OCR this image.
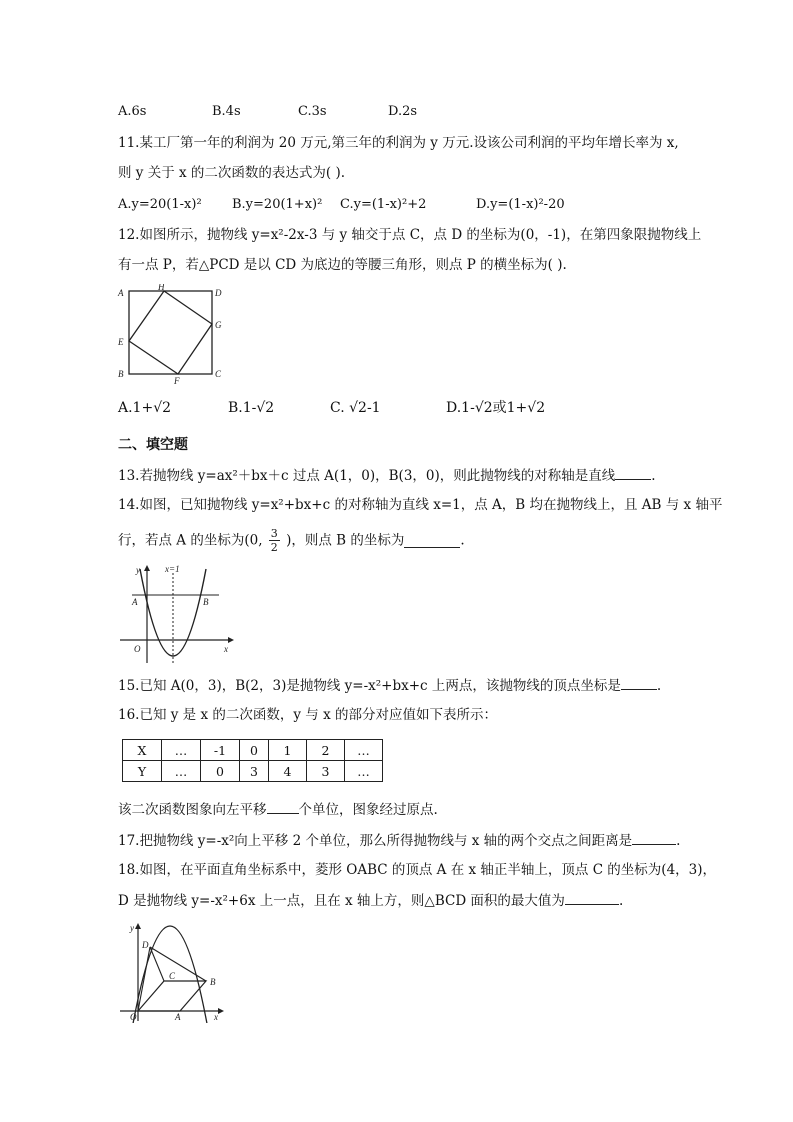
A.6s	B.4s	C.3s	D.2s
11.某工厂第一年的利润为 20 万元,第三年的利润为 y 万元.设该公司利润的平均年增长率为 x,
则 y 关于 x 的二次函数的表达式为( ).
A.y=20(1-x)² B.y=20(1+x)² C.y=(1-x)²+2	D.y=(1-x)²-20
12.如图所示，抛物线 y=x²-2x-3 与 y 轴交于点 C，点 D 的坐标为(0，-1)，在第四象限抛物线上
有一点 P，若△PCD 是以 CD 为底边的等腰三角形，则点 P 的横坐标为( ).
A
H
D
E
G
B
F
C
A.1+√2	B.1-√2	C. √2-1	D.1-√2或1+√2
二、填空题
13.若抛物线 y=ax²＋bx＋c 过点 A(1，0)，B(3，0)，则此抛物线的对称轴是直线	.
14.如图，已知抛物线 y=x²+bx+c 的对称轴为直线 x=1，点 A，B 均在抛物线上，且 AB 与 x 轴平
行，若点 A 的坐标为(0, $\frac{3}{2}$ )，则点 B 的坐标为	.
y	x=1
A	B
O	x
15.已知 A(0，3)，B(2，3)是抛物线 y=-x²+bx+c 上两点，该抛物线的顶点坐标是	.
16.已知 y 是 x 的二次函数，y 与 x 的部分对应值如下表所示：
X	…	-1	0	1	2	…
Y	…	0	3	4	3	…
该二次函数图象向左平移 个单位，图象经过原点.
17.把抛物线 y=-x²向上平移 2 个单位，那么所得抛物线与 x 轴的两个交点之间距离是	.
18.如图，在平面直角坐标系中，菱形 OABC 的顶点 A 在 x 轴正半轴上，顶点 C 的坐标为(4，3)，
D 是抛物线 y=-x²+6x 上一点，且在 x 轴上方，则△BCD 面积的最大值为	.
y
D
C
B
O	A	x
